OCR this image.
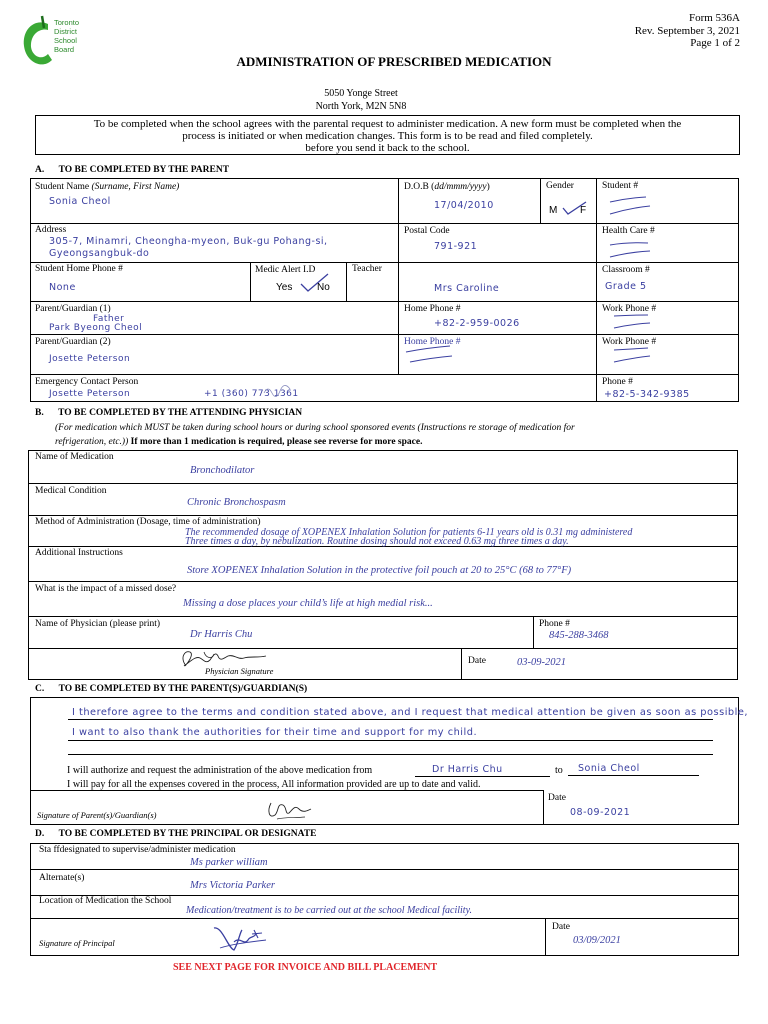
Toronto
District
School
Board
Form 536A
Rev. September 3, 2021
Page 1 of 2
ADMINISTRATION OF PRESCRIBED MEDICATION
5050 Yonge Street
North York, M2N 5N8
To be completed when the school agrees with the parental request to administer medication. A new form must be completed when the
process is initiated or when medication changes. This form is to be read and filed completely.
before you send it back to the school.
A. TO BE COMPLETED BY THE PARENT
Student Name (Surname, First Name)
Sonia Cheol
D.O.B (dd/mmm/yyyy)
17/04/2010
Gender
M F
Student #
Address
305-7, Minamri, Cheongha-myeon, Buk-gu Pohang-si,
Gyeongsangbuk-do
Postal Code
791-921
Health Care #
Student Home Phone #
None
Medic Alert I.D
Yes No
Teacher
Mrs Caroline
Classroom #
Grade 5
Parent/Guardian (1)
Father
Park Byeong Cheol
Home Phone #
+82-2-959-0026
Work Phone #
Parent/Guardian (2)
Josette Peterson
Home Phone #	Work Phone #
Emergency Contact Person
Josette Peterson	+1 (360) 773 1361
Phone #
+82-5-342-9385
B. TO BE COMPLETED BY THE ATTENDING PHYSICIAN
(For medication which MUST be taken during school hours or during school sponsored events (Instructions re storage of medication for
refrigeration, etc.)) If more than 1 medication is required, please see reverse for more space.
Name of Medication
Bronchodilator
Medical Condition
Chronic Bronchospasm
Method of Administration (Dosage, time of administration)
The recommended dosage of XOPENEX Inhalation Solution for patients 6-11 years old is 0.31 mg administered
Three times a day, by nebulization. Routine dosing should not exceed 0.63 mg three times a day.
Additional Instructions
Store XOPENEX Inhalation Solution in the protective foil pouch at 20 to 25°C (68 to 77°F)
What is the impact of a missed dose?
Missing a dose places your child’s life at high medial risk...
Name of Physician (please print)
Dr Harris Chu
Phone #
845-288-3468
Physician Signature
Date	03-09-2021
C. TO BE COMPLETED BY THE PARENT(S)/GUARDIAN(S)
I therefore agree to the terms and condition stated above, and I request that medical attention be given as soon as possible,
I want to also thank the authorities for their time and support for my child.
I will authorize and request the administration of the above medication from	Dr Harris Chu	to Sonia Cheol
I will pay for all the expenses covered in the process, All information provided are up to date and valid.
Signature of Parent(s)/Guardian(s)
Date
08-09-2021
D. TO BE COMPLETED BY THE PRINCIPAL OR DESIGNATE
Sta ffdesignated to supervise/administer medication
Ms parker william
Alternate(s)
Mrs Victoria Parker
Location of Medication the School
Medication/treatment is to be carried out at the school Medical facility.
Signature of Principal
Date
03/09/2021
SEE NEXT PAGE FOR INVOICE AND BILL PLACEMENT
